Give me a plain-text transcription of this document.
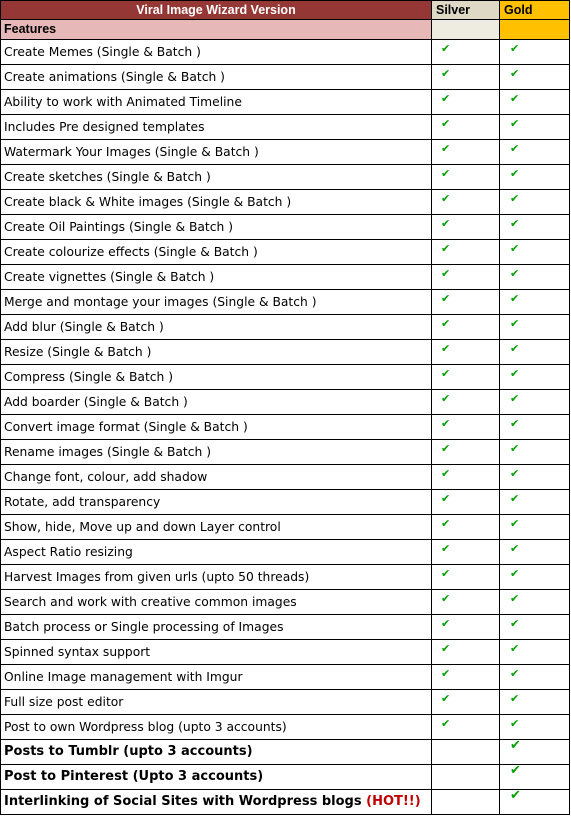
Viral Image Wizard Version	Silver	Gold
Features		
Create Memes (Single & Batch )	✔	✔
Create animations (Single & Batch )	✔	✔
Ability to work with Animated Timeline	✔	✔
Includes Pre designed templates	✔	✔
Watermark Your Images (Single & Batch )	✔	✔
Create sketches (Single & Batch )	✔	✔
Create black & White images (Single & Batch )	✔	✔
Create Oil Paintings (Single & Batch )	✔	✔
Create colourize effects (Single & Batch )	✔	✔
Create vignettes (Single & Batch )	✔	✔
Merge and montage your images (Single & Batch )	✔	✔
Add blur (Single & Batch )	✔	✔
Resize (Single & Batch )	✔	✔
Compress (Single & Batch )	✔	✔
Add boarder (Single & Batch )	✔	✔
Convert image format (Single & Batch )	✔	✔
Rename images (Single & Batch )	✔	✔
Change font, colour, add shadow	✔	✔
Rotate, add transparency	✔	✔
Show, hide, Move up and down Layer control	✔	✔
Aspect Ratio resizing	✔	✔
Harvest Images from given urls (upto 50 threads)	✔	✔
Search and work with creative common images	✔	✔
Batch process or Single processing of Images	✔	✔
Spinned syntax support	✔	✔
Online Image management with Imgur	✔	✔
Full size post editor	✔	✔
Post to own Wordpress blog (upto 3 accounts)	✔	✔
Posts to Tumblr (upto 3 accounts)		✔
Post to Pinterest (Upto 3 accounts)		✔
Interlinking of Social Sites with Wordpress blogs (HOT!!)		✔
